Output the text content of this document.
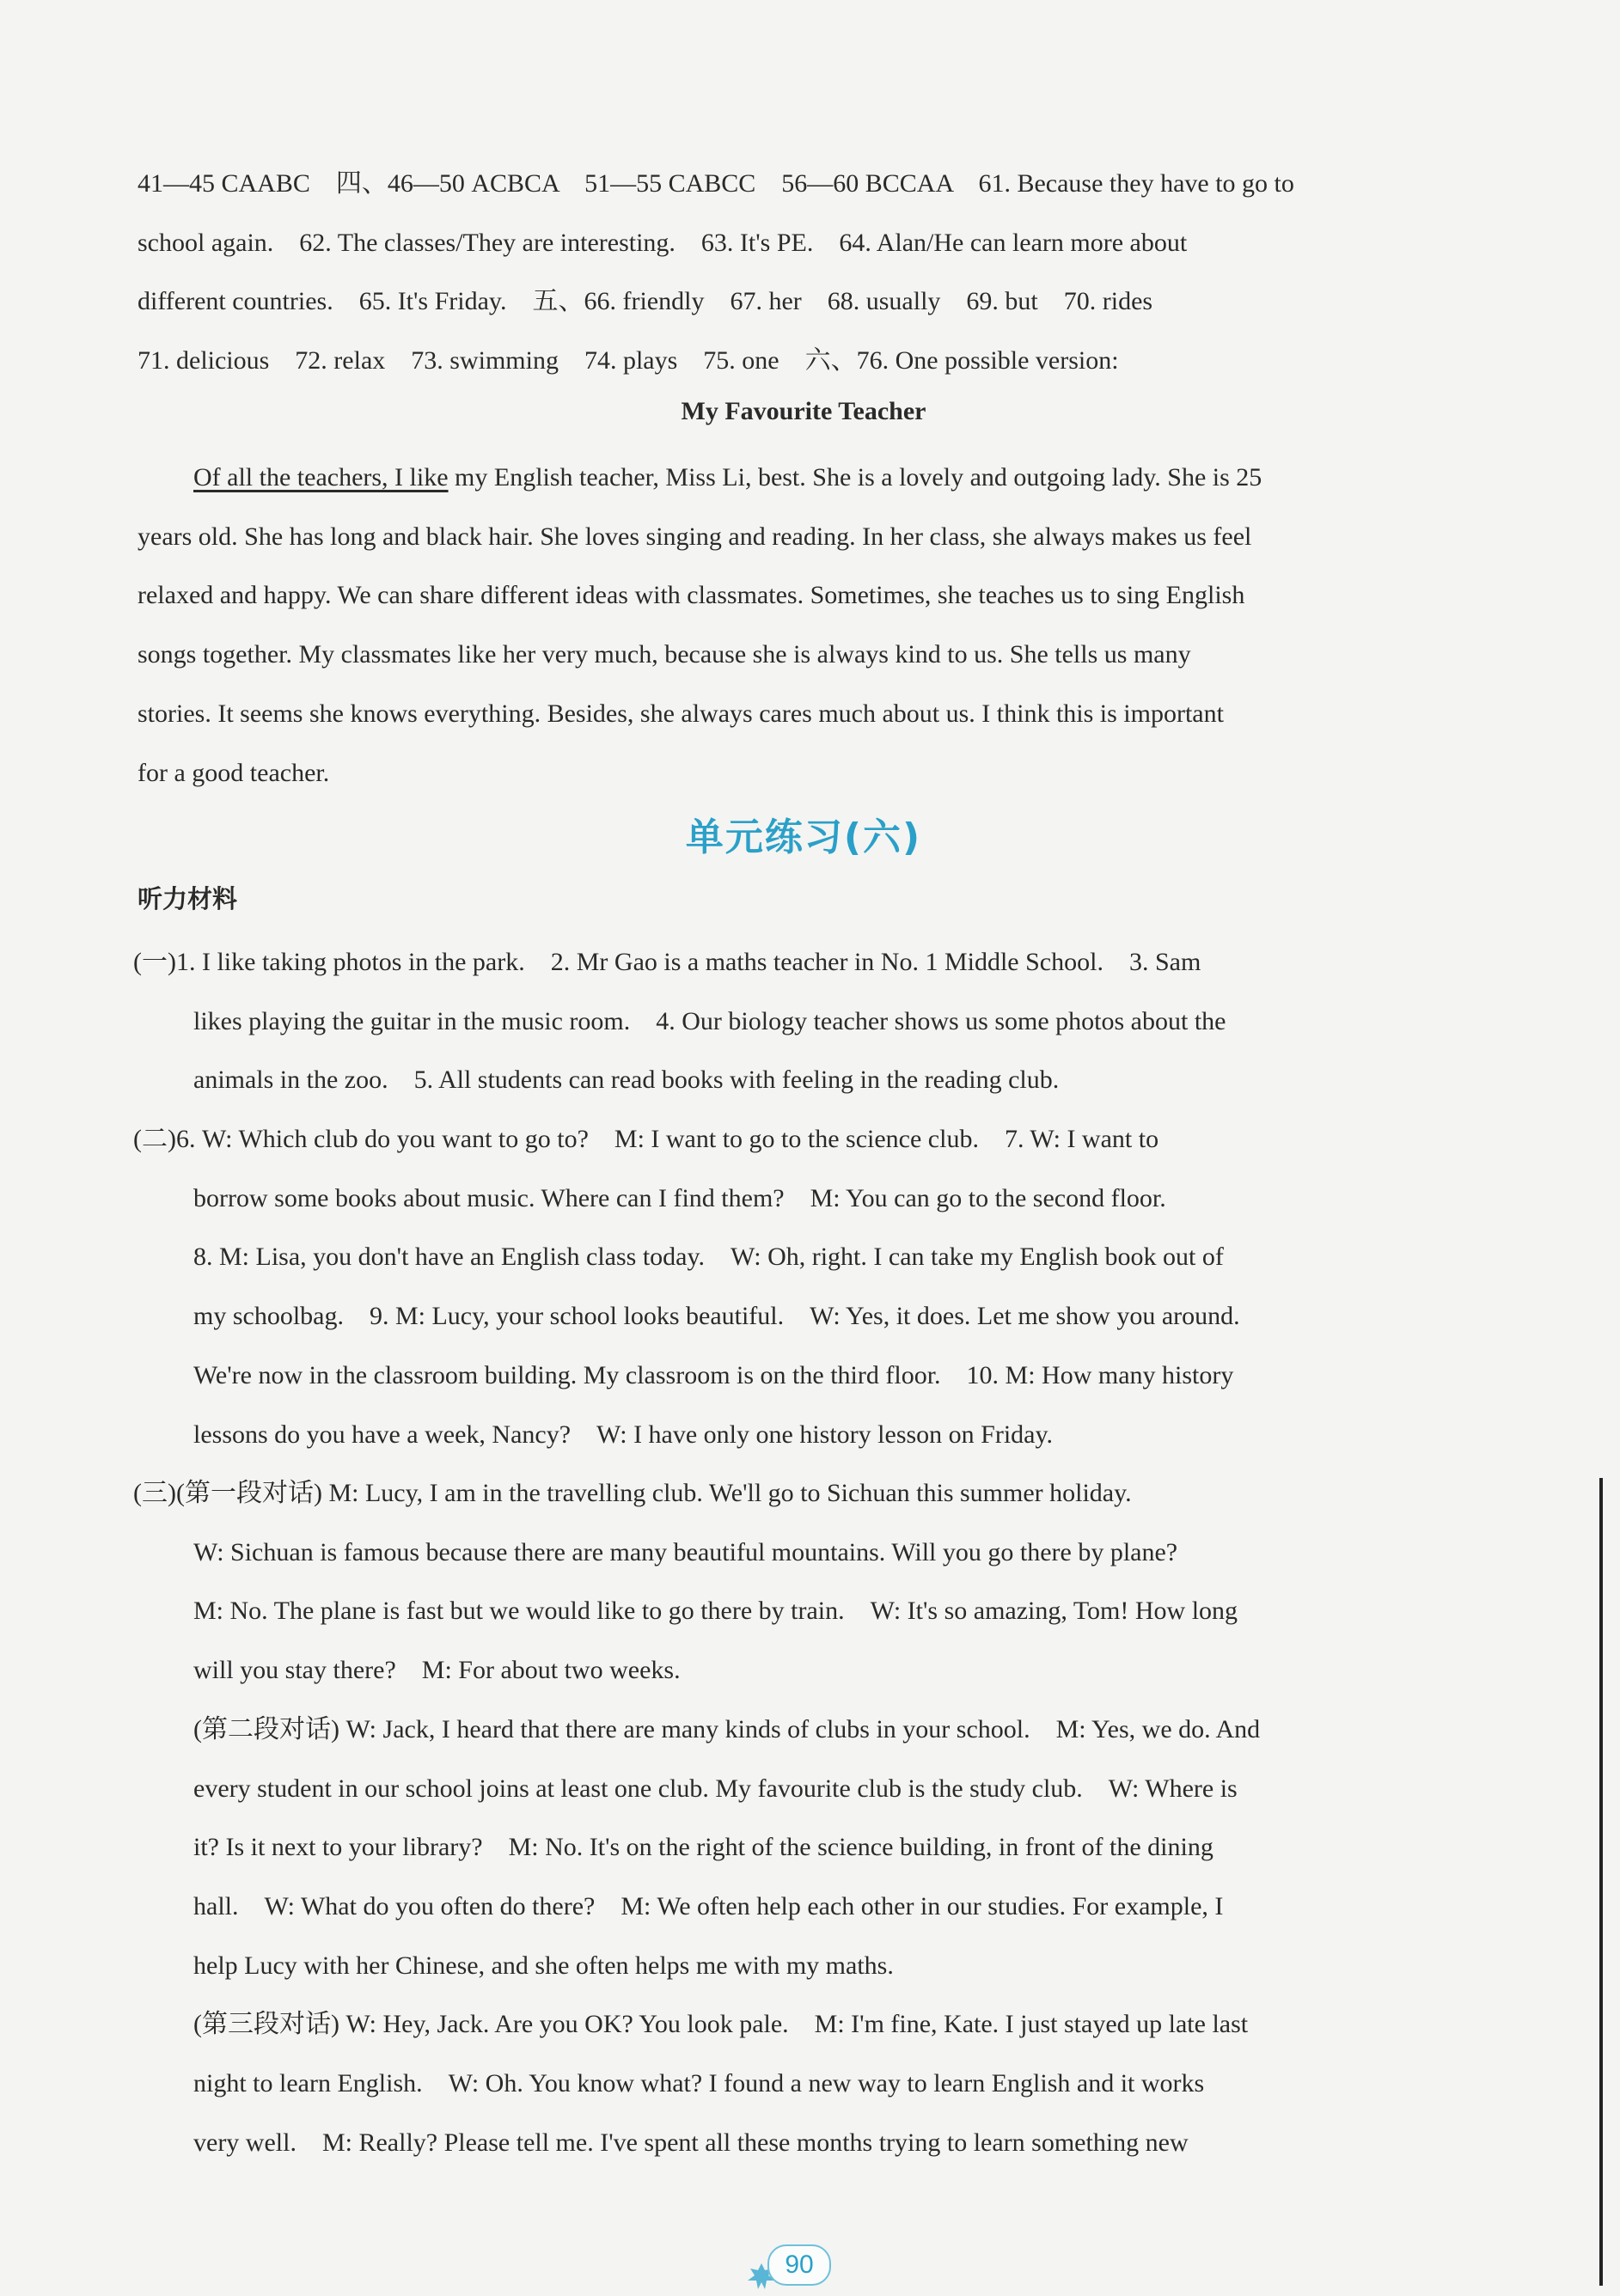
41—45 CAABC　四、46—50 ACBCA　51—55 CABCC　56—60 BCCAA　61. Because they have to go to
school again.　62. The classes/They are interesting.　63. It's PE.　64. Alan/He can learn more about
different countries.　65. It's Friday.　五、66. friendly　67. her　68. usually　69. but　70. rides
71. delicious　72. relax　73. swimming　74. plays　75. one　六、76. One possible version:
My Favourite Teacher
Of all the teachers, I like my English teacher, Miss Li, best. She is a lovely and outgoing lady. She is 25
years old. She has long and black hair. She loves singing and reading. In her class, she always makes us feel
relaxed and happy. We can share different ideas with classmates. Sometimes, she teaches us to sing English
songs together. My classmates like her very much, because she is always kind to us. She tells us many
stories. It seems she knows everything. Besides, she always cares much about us. I think this is important
for a good teacher.
单元练习(六)
听力材料
(一)1. I like taking photos in the park.　2. Mr Gao is a maths teacher in No. 1 Middle School.　3. Sam
likes playing the guitar in the music room.　4. Our biology teacher shows us some photos about the
animals in the zoo.　5. All students can read books with feeling in the reading club.
(二)6. W: Which club do you want to go to?　M: I want to go to the science club.　7. W: I want to
borrow some books about music. Where can I find them?　M: You can go to the second floor.
8. M: Lisa, you don't have an English class today.　W: Oh, right. I can take my English book out of
my schoolbag.　9. M: Lucy, your school looks beautiful.　W: Yes, it does. Let me show you around.
We're now in the classroom building. My classroom is on the third floor.　10. M: How many history
lessons do you have a week, Nancy?　W: I have only one history lesson on Friday.
(三)(第一段对话) M: Lucy, I am in the travelling club. We'll go to Sichuan this summer holiday.
W: Sichuan is famous because there are many beautiful mountains. Will you go there by plane?
M: No. The plane is fast but we would like to go there by train.　W: It's so amazing, Tom! How long
will you stay there?　M: For about two weeks.
(第二段对话) W: Jack, I heard that there are many kinds of clubs in your school.　M: Yes, we do. And
every student in our school joins at least one club. My favourite club is the study club.　W: Where is
it? Is it next to your library?　M: No. It's on the right of the science building, in front of the dining
hall.　W: What do you often do there?　M: We often help each other in our studies. For example, I
help Lucy with her Chinese, and she often helps me with my maths.
(第三段对话) W: Hey, Jack. Are you OK? You look pale.　M: I'm fine, Kate. I just stayed up late last
night to learn English.　W: Oh. You know what? I found a new way to learn English and it works
very well.　M: Really? Please tell me. I've spent all these months trying to learn something new
90
